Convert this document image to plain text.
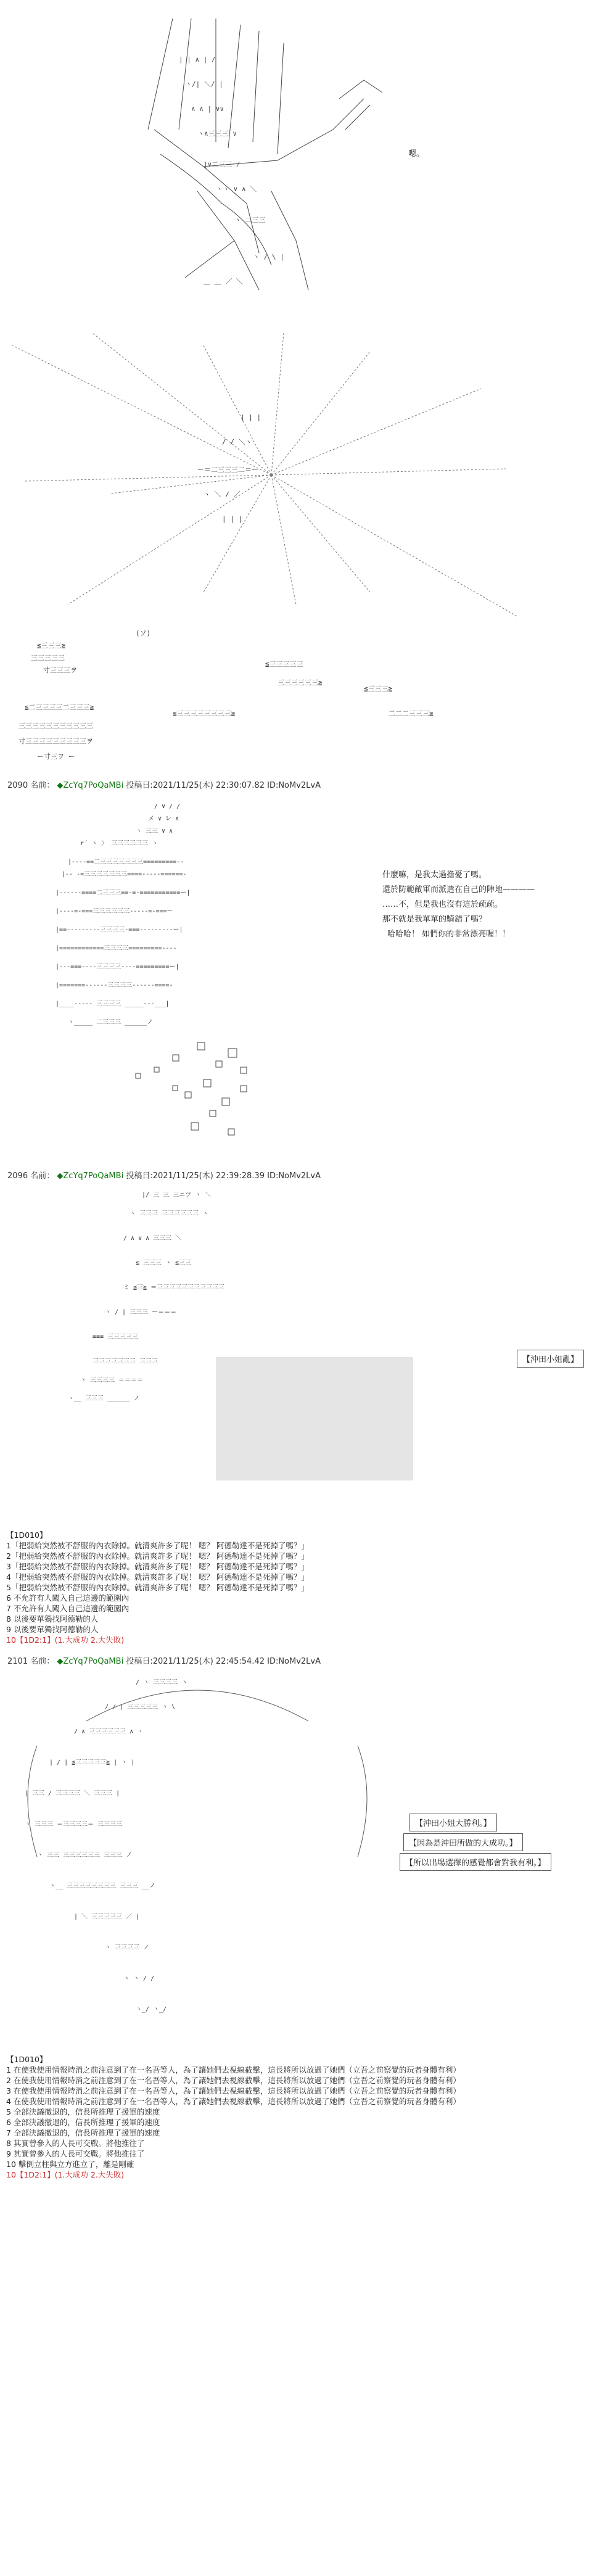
| | ∧ | /
ヽ/| ＼/ |
∧ ∧ | ∨∨
ヽ∧三三三 ∨
|∨二三三 /
ヽヽ ∨ ∧ ＼
ヽ 二三三
ヽ / \ |
＿ ＿ ／ ＼
嗯。
| | |
/ / ＼ヽ
ー＝二三三三二＝ー
ヽ ＼ / ／
| | |
(ソ)
≦三三三≧
三三三三三
寸三三三ヲ
≦三三三三三
三三三三三三≧
≦三三三≧
≦二三三三三二三三三≧
≦三三三三三三三三≧	二二二三三三≧
三三三三三三三三三三三
寸三三三三三三三三三ヲ
ー寸三ヲ ー
2090 名前： ◆ZcYq7PoQaMBi 投稿日:2021/11/25(木) 22:30:07.82 ID:NoMv2LvA
/ ∨ / /
メ ∨ レ ∧
ヽ 三三 ∨ ∧
r´ ヽ 〉 三三三三三三 ヽ
|----==二三三三三三三三=========--
|-- -=三三三三三三三====-----======-
|------====二三三三==-=-===========ー|
|----=-===三三三三三三-----=-===ー
|==---------三三三三-===---------ー|
|============三三三三=========----
|---===----三三三三----=========ー|
|=======------三三三三------====-
|____----- 三三三三 _____---___|
ヽ_____ 二三三三 ______ノ
什麼嘛，是我太過擔憂了嗎。
還於防範敵軍而派遣在自己的陣地————
……不，但是我也沒有這於疏疏。
那不就是我單單的騎錯了嗎？
哈哈哈！ 如們你的非常漂亮喔！！
2096 名前： ◆ZcYq7PoQaMBi 投稿日:2021/11/25(木) 22:39:28.39 ID:NoMv2LvA
|/ 三 三 三ニツ ヽ ＼
ヽ 三三三 三三三三三三 ヽ
/ ∧ ∨ ∧ 三三三 ＼
≦ 三三三 ヽ ≦三三
ミ ≦三≧ ＝三三三三三三三三三三三
ヽ / | 三三三 ー＝＝＝
≡≡≡ 三三三三三
三三三三三三三 三三三
ヽ 三三三三 ＝＝＝＝
ヽ__ 三三三 ______ ノ
【沖田小姐亂】
【1D010】
1「把弱給突然被不舒服的內衣除掉。就清爽許多了呢！ 嗯？ 阿德勒達不是死掉了嗎？」
2「把弱給突然被不舒服的內衣除掉。就清爽許多了呢！ 嗯？ 阿德勒達不是死掉了嗎？」
3「把弱給突然被不舒服的內衣除掉。就清爽許多了呢！ 嗯？ 阿德勒達不是死掉了嗎？」
4「把弱給突然被不舒服的內衣除掉。就清爽許多了呢！ 嗯？ 阿德勒達不是死掉了嗎？」
5「把弱給突然被不舒服的內衣除掉。就清爽許多了呢！ 嗯？ 阿德勒達不是死掉了嗎？」
6 不允許有人闖入自己這邊的範圍內
7 不允許有人闖入自己這邊的範圍內
8 以後要單獨找阿德勒的人
9 以後要單獨找阿德勒的人
10【1D2:1】(1.大成功 2.大失敗)
2101 名前： ◆ZcYq7PoQaMBi 投稿日:2021/11/25(木) 22:45:54.42 ID:NoMv2LvA
/ ヽ 三三三三 ヽ
/ / | 三三三三三 ヽ \
/ ∧ 三三三三三三 ∧ ヽ
| / | ≦三三三三三≧ | ヽ |
| 三三 / 三三三三 ＼ 三三三 |
ヽ 三三三 ＝三三三三＝ 三三三三
ヽ 三三 三三三三三三 三三三 ノ
ヽ__ 三三三三三三三三 三三三 __ノ
| ＼ 三三三三三 ／ |
ヽ 三三三三 ノ
ヽ ヽ / /
ヽ_/ ヽ_/
【沖田小姐大勝利。】
【因為是沖田所做的大成功。】
【所以出場選擇的感覺都會對我有利。】
【1D010】
1 在使我使用情報時消之前注意到了在一名吾等人，為了讓她們去視線截擊，這長將所以放過了她們（立吾之前察覺的玩者身體有利）
2 在使我使用情報時消之前注意到了在一名吾等人，為了讓她們去視線截擊，這長將所以放過了她們（立吾之前察覺的玩者身體有利）
3 在使我使用情報時消之前注意到了在一名吾等人，為了讓她們去視線截擊，這長將所以放過了她們（立吾之前察覺的玩者身體有利）
4 在使我使用情報時消之前注意到了在一名吾等人，為了讓她們去視線截擊，這長將所以放過了她們（立吾之前察覺的玩者身體有利）
5 全部決議撤退的，信長所推理了援軍的速度
6 全部決議撤退的，信長所推理了援軍的速度
7 全部決議撤退的，信長所推理了援軍的速度
8 其實曾參入的人長可交戰。將他推往了
9 其實曾參入的人長可交戰。將他推往了
10 擊倒立柱與立方進立了，離是剛確
10【1D2:1】(1.大成功 2.大失敗)
